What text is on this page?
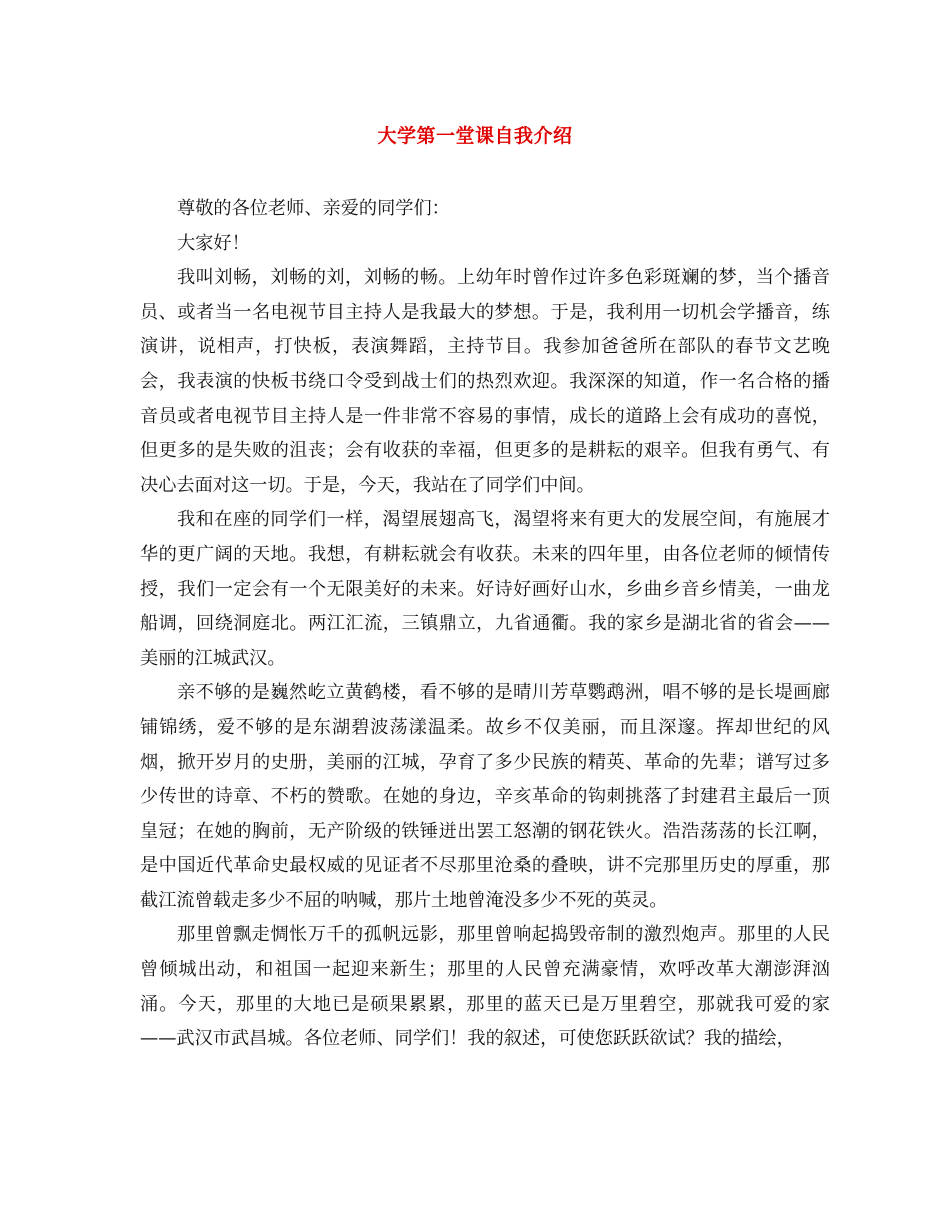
大学第一堂课自我介绍

尊敬的各位老师、亲爱的同学们：

大家好！

我叫刘畅，刘畅的刘，刘畅的畅。上幼年时曾作过许多色彩斑斓的梦，当个播音员、或者当一名电视节目主持人是我最大的梦想。于是，我利用一切机会学播音，练演讲，说相声，打快板，表演舞蹈，主持节目。我参加爸爸所在部队的春节文艺晚会，我表演的快板书绕口令受到战士们的热烈欢迎。我深深的知道，作一名合格的播音员或者电视节目主持人是一件非常不容易的事情，成长的道路上会有成功的喜悦，但更多的是失败的沮丧；会有收获的幸福，但更多的是耕耘的艰辛。但我有勇气、有决心去面对这一切。于是，今天，我站在了同学们中间。

我和在座的同学们一样，渴望展翅高飞，渴望将来有更大的发展空间，有施展才华的更广阔的天地。我想，有耕耘就会有收获。未来的四年里，由各位老师的倾情传授，我们一定会有一个无限美好的未来。好诗好画好山水，乡曲乡音乡情美，一曲龙船调，回绕洞庭北。两江汇流，三镇鼎立，九省通衢。我的家乡是湖北省的省会——美丽的江城武汉。

亲不够的是巍然屹立黄鹤楼，看不够的是晴川芳草鹦鹉洲，唱不够的是长堤画廊铺锦绣，爱不够的是东湖碧波荡漾温柔。故乡不仅美丽，而且深邃。挥却世纪的风烟，掀开岁月的史册，美丽的江城，孕育了多少民族的精英、革命的先辈；谱写过多少传世的诗章、不朽的赞歌。在她的身边，辛亥革命的钩刺挑落了封建君主最后一顶皇冠；在她的胸前，无产阶级的铁锤迸出罢工怒潮的钢花铁火。浩浩荡荡的长江啊，是中国近代革命史最权威的见证者不尽那里沧桑的叠映，讲不完那里历史的厚重，那截江流曾载走多少不屈的呐喊，那片土地曾淹没多少不死的英灵。

那里曾飘走惆怅万千的孤帆远影，那里曾响起捣毁帝制的激烈炮声。那里的人民曾倾城出动，和祖国一起迎来新生；那里的人民曾充满豪情，欢呼改革大潮澎湃汹涌。今天，那里的大地已是硕果累累，那里的蓝天已是万里碧空，那就我可爱的家——武汉市武昌城。各位老师、同学们！我的叙述，可使您跃跃欲试？我的描绘，
